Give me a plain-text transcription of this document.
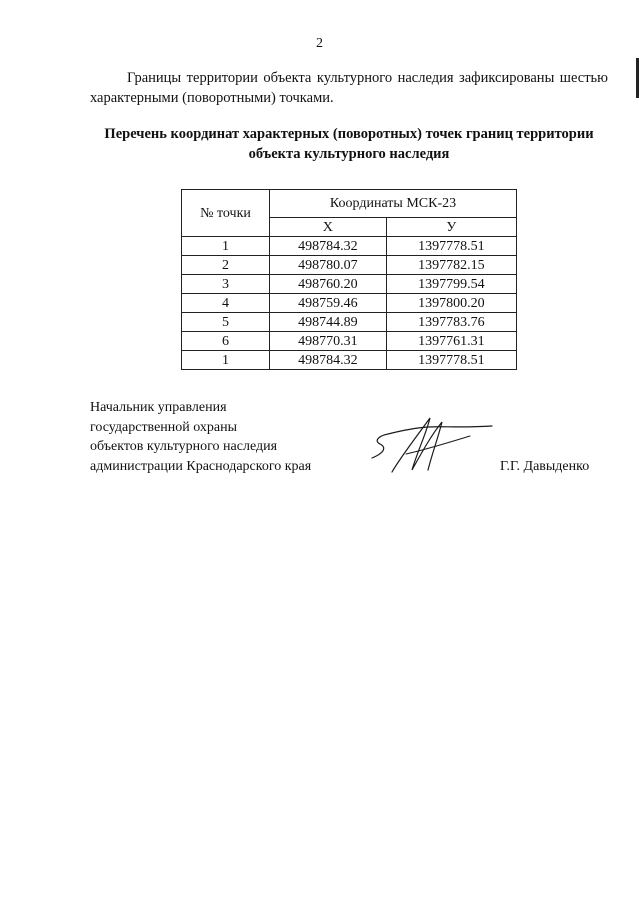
2

Границы территории объекта культурного наследия зафиксированы шестью характерными (поворотными) точками.

Перечень координат характерных (поворотных) точек границ территории
объекта культурного наследия

№ точки	Координаты МСК-23	
	X	У
1	498784.32	1397778.51
2	498780.07	1397782.15
3	498760.20	1397799.54
4	498759.46	1397800.20
5	498744.89	1397783.76
6	498770.31	1397761.31
1	498784.32	1397778.51

Начальник управления
государственной охраны
объектов культурного наследия
администрации Краснодарского края	Г.Г. Давыденко
